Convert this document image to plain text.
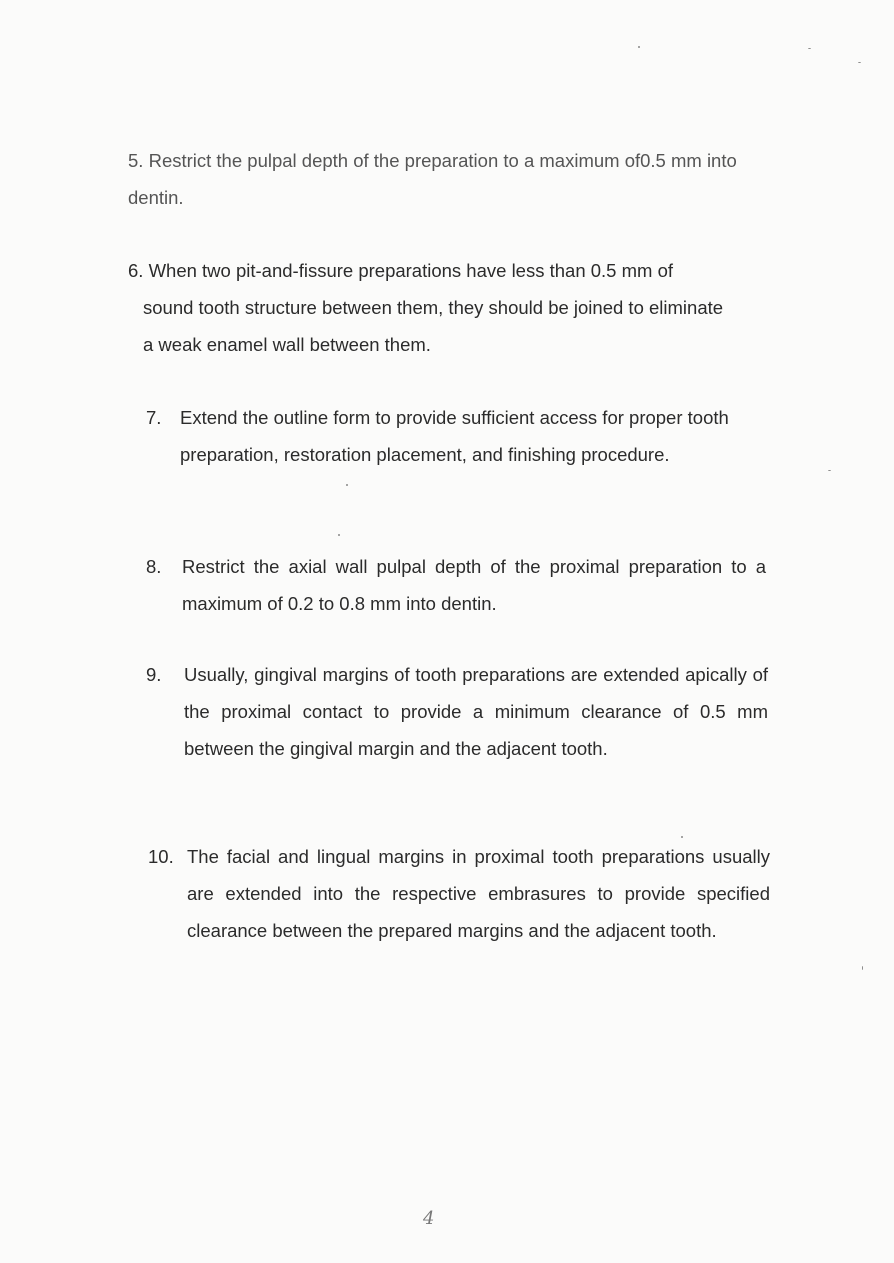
5. Restrict the pulpal depth of the preparation to a maximum of0.5 mm into dentin.
6. When two pit-and-fissure preparations have less than 0.5 mm of sound tooth structure between them, they should be joined to eliminate a weak enamel wall between them.
7. Extend the outline form to provide sufficient access for proper tooth preparation, restoration placement, and finishing procedure.
8. Restrict the axial wall pulpal depth of the proximal preparation to a maximum of 0.2 to 0.8 mm into dentin.
9. Usually, gingival margins of tooth preparations are extended apically of the proximal contact to provide a minimum clearance of 0.5 mm between the gingival margin and the adjacent tooth.
10. The facial and lingual margins in proximal tooth preparations usually are extended into the respective embrasures to provide specified clearance between the prepared margins and the adjacent tooth.
4
